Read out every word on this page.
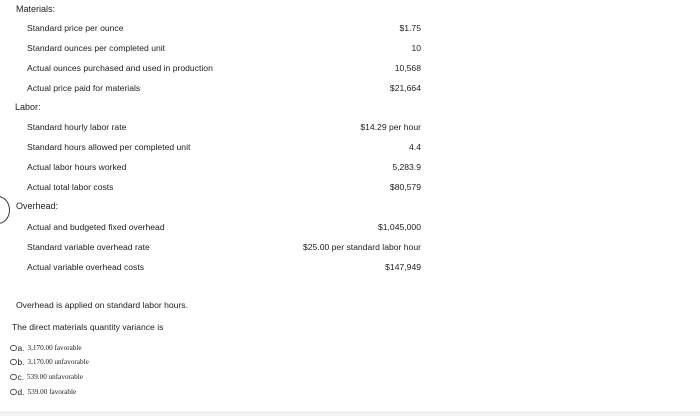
Materials:
Standard price per ounce	$1.75
Standard ounces per completed unit	10
Actual ounces purchased and used in production	10,568
Actual price paid for materials	$21,664
Labor:
Standard hourly labor rate	$14.29 per hour
Standard hours allowed per completed unit	4.4
Actual labor hours worked	5,283.9
Actual total labor costs	$80,579
Overhead:
Actual and budgeted fixed overhead	$1,045,000
Standard variable overhead rate	$25.00 per standard labor hour
Actual variable overhead costs	$147,949
Overhead is applied on standard labor hours.
The direct materials quantity variance is
a. 3,170.00 favorable
b. 3,170.00 unfavorable
c. 539.00 unfavorable
d. 539.00 favorable
